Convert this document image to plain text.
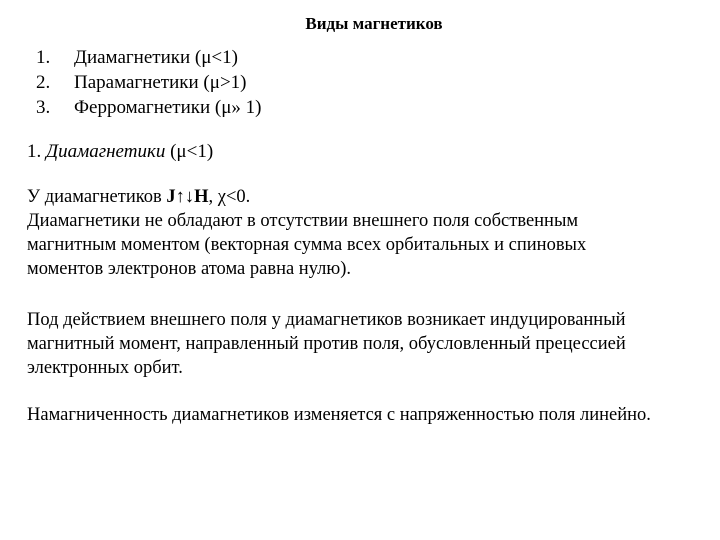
Виды магнетиков
1.	Диамагнетики (μ<1)
2.	Парамагнетики (μ>1)
3.	Ферромагнетики (μ» 1)
1. Диамагнетики (μ<1)

У диамагнетиков J↑↓H, χ<0.
Диамагнетики не обладают в отсутствии внешнего поля собственным
магнитным моментом (векторная сумма всех орбитальных и спиновых
моментов электронов атома равна нулю).

Под действием внешнего поля у диамагнетиков возникает индуцированный
магнитный момент, направленный против поля, обусловленный прецессией
электронных орбит.

Намагниченность диамагнетиков изменяется с напряженностью поля линейно.
